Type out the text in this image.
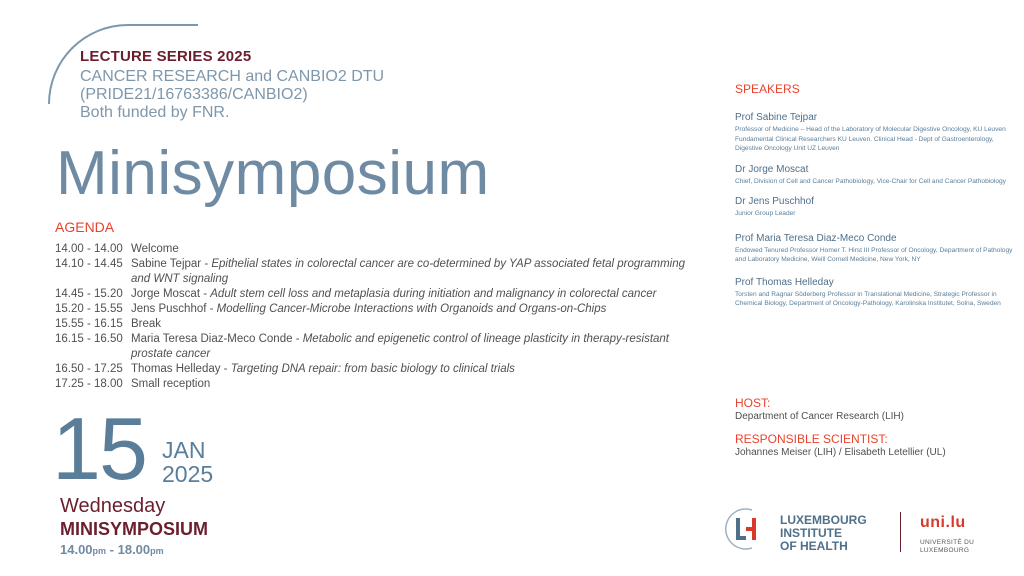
LECTURE SERIES 2025
CANCER RESEARCH and CANBIO2 DTU
(PRIDE21/16763386/CANBIO2)
Both funded by FNR.
Minisymposium
AGENDA
14.00 - 14.00 Welcome
14.10 - 14.45 Sabine Tejpar - Epithelial states in colorectal cancer are co-determined by YAP associated fetal programming and WNT signaling
14.45 - 15.20 Jorge Moscat - Adult stem cell loss and metaplasia during initiation and malignancy in colorectal cancer
15.20 - 15.55 Jens Puschhof - Modelling Cancer-Microbe Interactions with Organoids and Organs-on-Chips
15.55 - 16.15 Break
16.15 - 16.50 Maria Teresa Diaz-Meco Conde - Metabolic and epigenetic control of lineage plasticity in therapy-resistant prostate cancer
16.50 - 17.25 Thomas Helleday - Targeting DNA repair: from basic biology to clinical trials
17.25 - 18.00 Small reception
15 JAN
2025
Wednesday
MINISYMPOSIUM
14.00pm - 18.00pm
SPEAKERS
Prof Sabine Tejpar
Professor of Medicine – Head of the Laboratory of Molecular Digestive Oncology, KU Leuven Fundamental Clinical Researchers KU Leuven. Clinical Head - Dept of Gastroenterology, Digestive Oncology Unit UZ Leuven
Dr Jorge Moscat
Chief, Division of Cell and Cancer Pathobiology, Vice-Chair for Cell and Cancer Pathobiology
Dr Jens Puschhof
Junior Group Leader
Prof Maria Teresa Diaz-Meco Conde
Endowed Tenured Professor Homer T. Hirst III Professor of Oncology, Department of Pathology and Laboratory Medicine, Weill Cornell Medicine, New York, NY
Prof Thomas Helleday
Torsten and Ragnar Söderberg Professor in Translational Medicine, Strategic Professor in Chemical Biology, Department of Oncology-Pathology, Karolinska Institutet, Solna, Sweden
HOST:
Department of Cancer Research (LIH)
RESPONSIBLE SCIENTIST:
Johannes Meiser (LIH) / Elisabeth Letellier (UL)
LUXEMBOURG
INSTITUTE
OF HEALTH
uni.lu
UNIVERSITÉ DU
LUXEMBOURG
